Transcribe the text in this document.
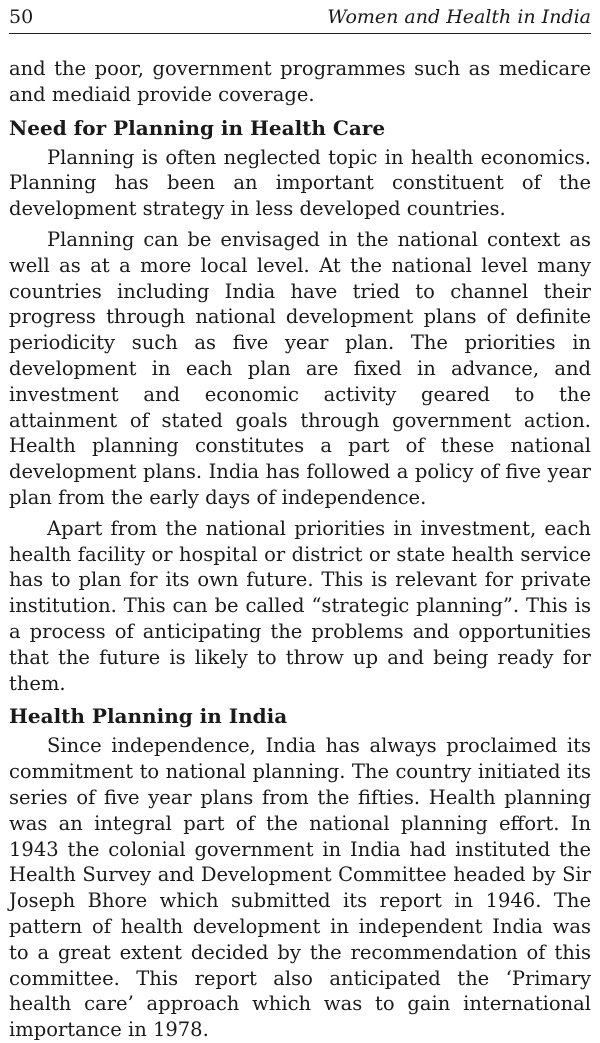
50	Women and Health in India

and the poor, government programmes such as medicare and mediaid provide coverage.

Need for Planning in Health Care

Planning is often neglected topic in health economics. Planning has been an important constituent of the development strategy in less developed countries.

Planning can be envisaged in the national context as well as at a more local level. At the national level many countries including India have tried to channel their progress through national development plans of definite periodicity such as five year plan. The priorities in development in each plan are fixed in advance, and investment and economic activity geared to the attainment of stated goals through government action. Health planning constitutes a part of these national development plans. India has followed a policy of five year plan from the early days of independence.

Apart from the national priorities in investment, each health facility or hospital or district or state health service has to plan for its own future. This is relevant for private institution. This can be called “strategic planning”. This is a process of anticipating the problems and opportunities that the future is likely to throw up and being ready for them.

Health Planning in India

Since independence, India has always proclaimed its commitment to national planning. The country initiated its series of five year plans from the fifties. Health planning was an integral part of the national planning effort. In 1943 the colonial government in India had instituted the Health Survey and Development Committee headed by Sir Joseph Bhore which submitted its report in 1946. The pattern of health development in independent India was to a great extent decided by the recommendation of this committee. This report also anticipated the ‘Primary health care’ approach which was to gain international importance in 1978.
